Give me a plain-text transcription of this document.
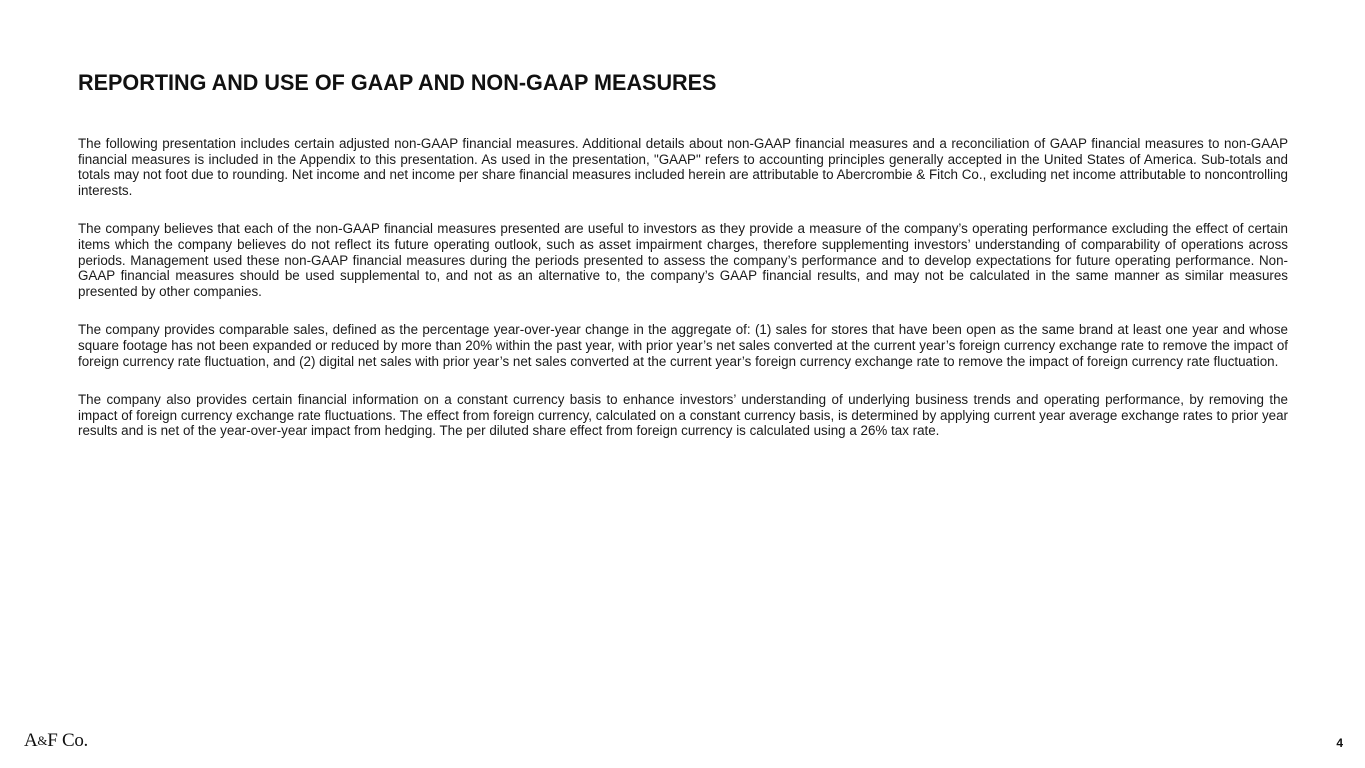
REPORTING AND USE OF GAAP AND NON-GAAP MEASURES

The following presentation includes certain adjusted non-GAAP financial measures. Additional details about non-GAAP financial measures and a reconciliation of GAAP financial measures to non-GAAP financial measures is included in the Appendix to this presentation. As used in the presentation, "GAAP" refers to accounting principles generally accepted in the United States of America. Sub-totals and totals may not foot due to rounding. Net income and net income per share financial measures included herein are attributable to Abercrombie & Fitch Co., excluding net income attributable to noncontrolling interests.

The company believes that each of the non-GAAP financial measures presented are useful to investors as they provide a measure of the company’s operating performance excluding the effect of certain items which the company believes do not reflect its future operating outlook, such as asset impairment charges, therefore supplementing investors’ understanding of comparability of operations across periods. Management used these non-GAAP financial measures during the periods presented to assess the company’s performance and to develop expectations for future operating performance. Non-GAAP financial measures should be used supplemental to, and not as an alternative to, the company’s GAAP financial results, and may not be calculated in the same manner as similar measures presented by other companies.

The company provides comparable sales, defined as the percentage year-over-year change in the aggregate of: (1) sales for stores that have been open as the same brand at least one year and whose square footage has not been expanded or reduced by more than 20% within the past year, with prior year’s net sales converted at the current year’s foreign currency exchange rate to remove the impact of foreign currency rate fluctuation, and (2) digital net sales with prior year’s net sales converted at the current year’s foreign currency exchange rate to remove the impact of foreign currency rate fluctuation.

The company also provides certain financial information on a constant currency basis to enhance investors’ understanding of underlying business trends and operating performance, by removing the impact of foreign currency exchange rate fluctuations. The effect from foreign currency, calculated on a constant currency basis, is determined by applying current year average exchange rates to prior year results and is net of the year-over-year impact from hedging. The per diluted share effect from foreign currency is calculated using a 26% tax rate.

A&F Co.	4
